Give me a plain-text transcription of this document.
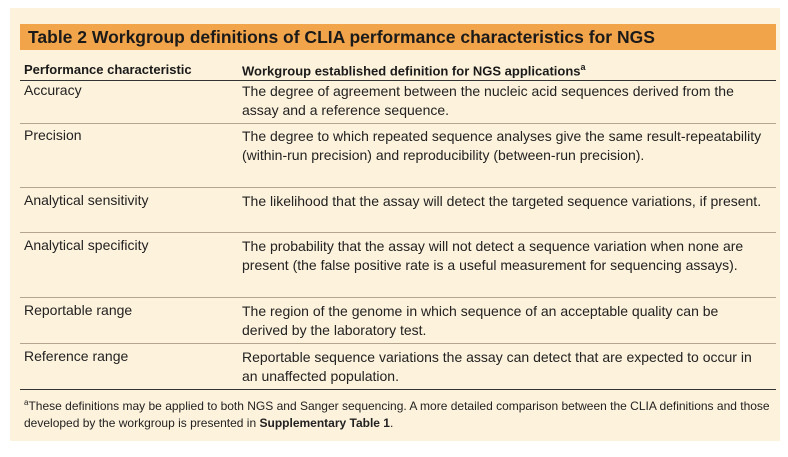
Table 2 Workgroup definitions of CLIA performance characteristics for NGS
Performance characteristic	Workgroup established definition for NGS applications$^a$
Accuracy	The degree of agreement between the nucleic acid sequences derived from the assay and a reference sequence.
Precision	The degree to which repeated sequence analyses give the same result-repeatability (within-run precision) and reproducibility (between-run precision).
Analytical sensitivity	The likelihood that the assay will detect the targeted sequence variations, if present.
Analytical specificity	The probability that the assay will not detect a sequence variation when none are present (the false positive rate is a useful measurement for sequencing assays).
Reportable range	The region of the genome in which sequence of an acceptable quality can be derived by the laboratory test.
Reference range	Reportable sequence variations the assay can detect that are expected to occur in an unaffected population.
$^a$These definitions may be applied to both NGS and Sanger sequencing. A more detailed comparison between the CLIA definitions and those developed by the workgroup is presented in Supplementary Table 1.
